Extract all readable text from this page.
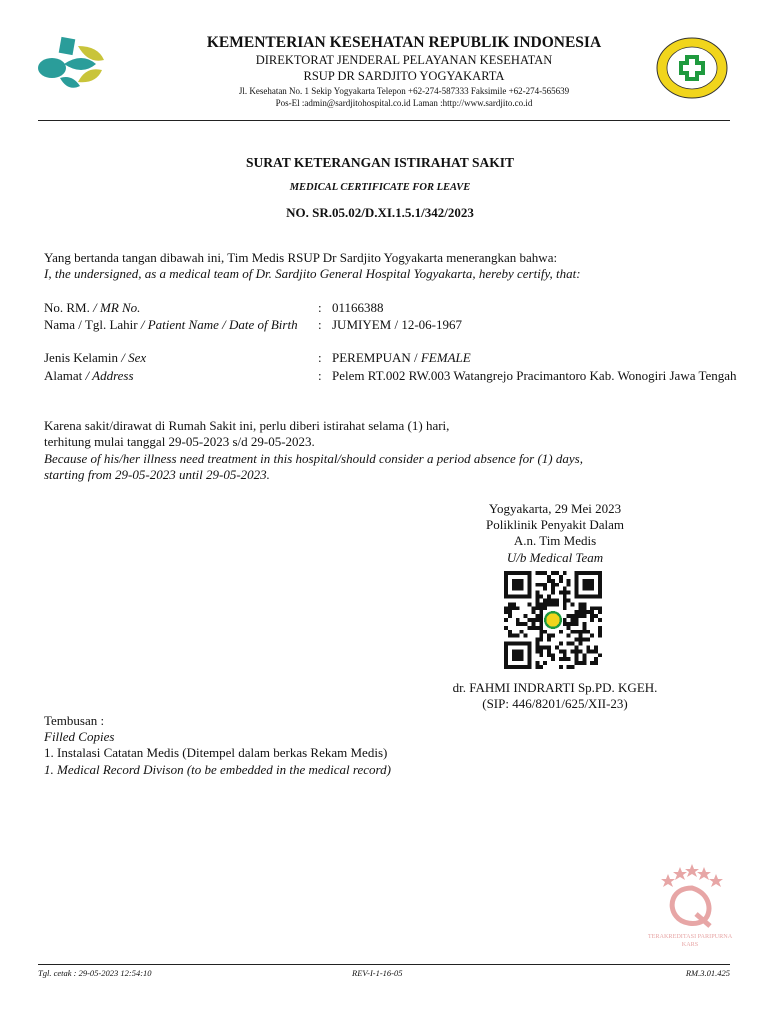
KEMENTERIAN KESEHATAN REPUBLIK INDONESIA
DIREKTORAT JENDERAL PELAYANAN KESEHATAN
RSUP DR SARDJITO YOGYAKARTA
Jl. Kesehatan No. 1 Sekip Yogyakarta Telepon +62-274-587333 Faksimile +62-274-565639
Pos-El :admin@sardjitohospital.co.id Laman :http://www.sardjito.co.id
SURAT KETERANGAN ISTIRAHAT SAKIT
MEDICAL CERTIFICATE FOR LEAVE
NO. SR.05.02/D.XI.1.5.1/342/2023
Yang bertanda tangan dibawah ini, Tim Medis RSUP Dr Sardjito Yogyakarta menerangkan bahwa:
I, the undersigned, as a medical team of Dr. Sardjito General Hospital Yogyakarta, hereby certify, that:
No. RM. / MR No.	: 01166388
Nama / Tgl. Lahir / Patient Name / Date of Birth : JUMIYEM / 12-06-1967
Jenis Kelamin / Sex	: PEREMPUAN / FEMALE
Alamat / Address	: Pelem RT.002 RW.003 Watangrejo Pracimantoro Kab. Wonogiri Jawa Tengah
Karena sakit/dirawat di Rumah Sakit ini, perlu diberi istirahat selama (1) hari,
terhitung mulai tanggal 29-05-2023 s/d 29-05-2023.
Because of his/her illness need treatment in this hospital/should consider a period absence for (1) days,
starting from 29-05-2023 until 29-05-2023.
Yogyakarta, 29 Mei 2023
Poliklinik Penyakit Dalam
A.n. Tim Medis
U/b Medical Team
dr. FAHMI INDRARTI Sp.PD. KGEH.
(SIP: 446/8201/625/XII-23)
Tembusan :
Filled Copies
1. Instalasi Catatan Medis (Ditempel dalam berkas Rekam Medis)
1. Medical Record Divison (to be embedded in the medical record)
TERAKREDITASI PARIPURNA
KARS
Tgl. cetak : 29-05-2023 12:54:10	REV-I-1-16-05	RM.3.01.425
